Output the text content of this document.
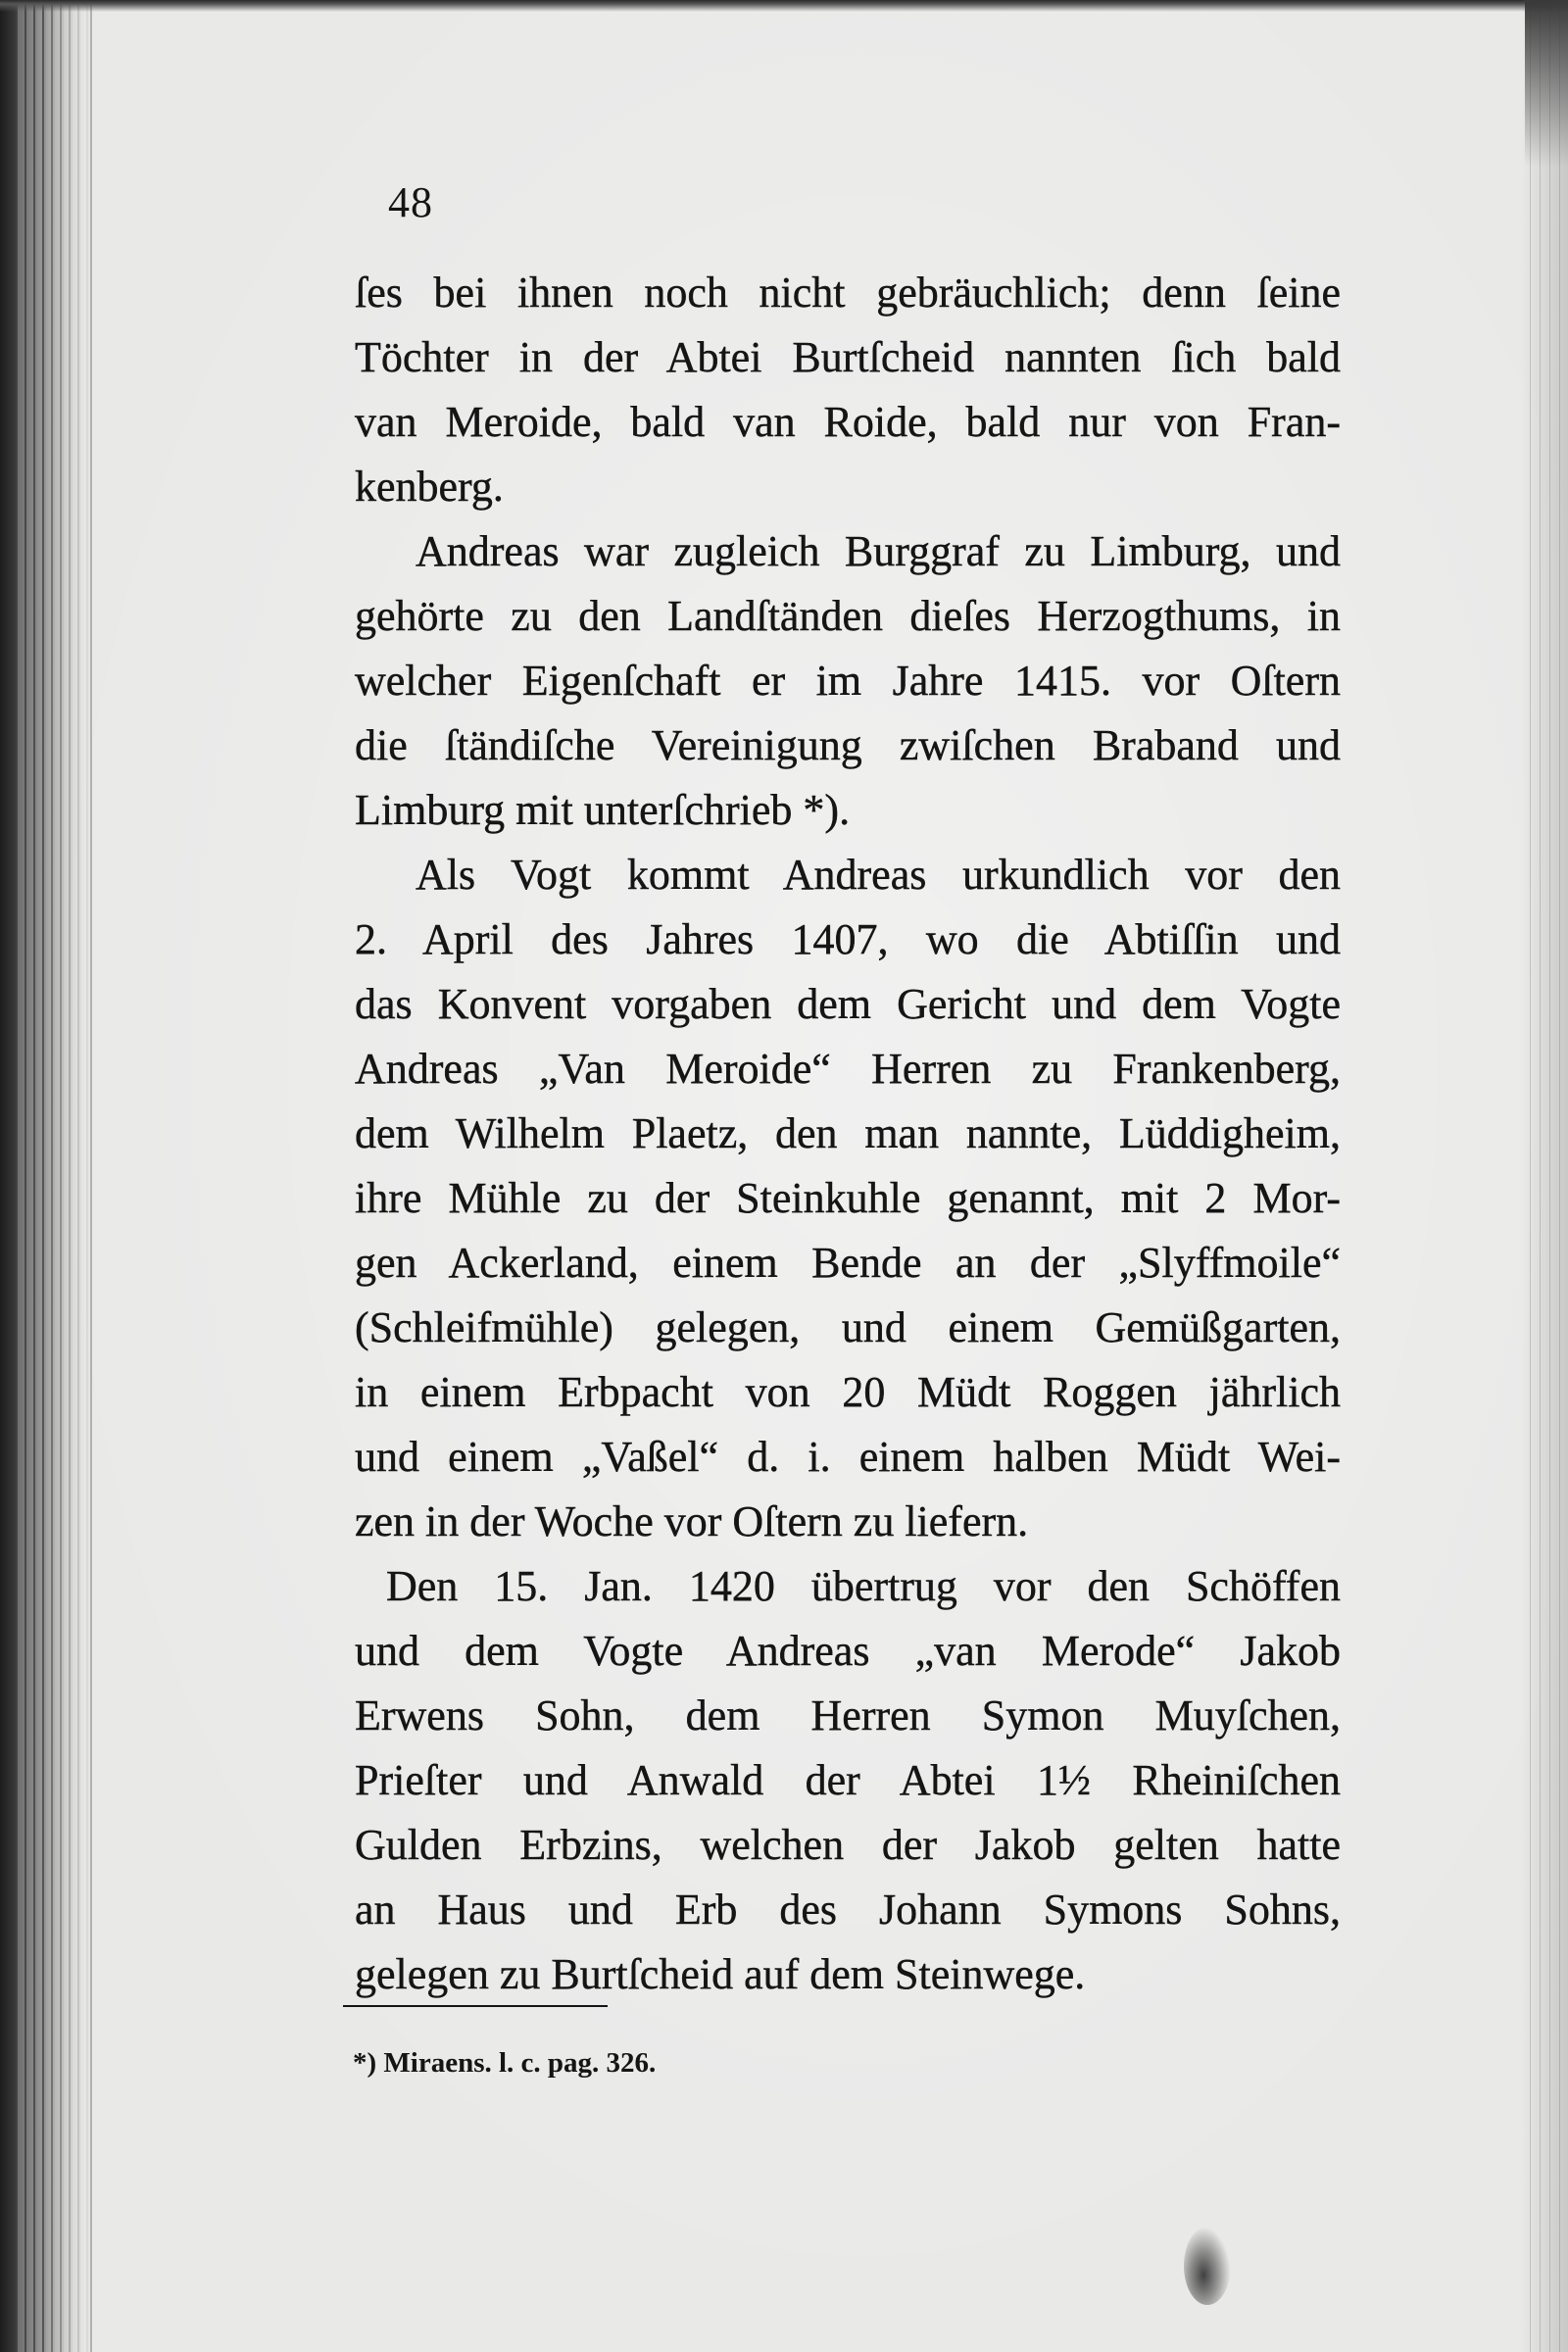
48
ſes bei ihnen noch nicht gebräuchlich; denn ſeine
Töchter in der Abtei Burtſcheid nannten ſich bald
van Meroide, bald van Roide, bald nur von Fran-
kenberg.
Andreas war zugleich Burggraf zu Limburg, und
gehörte zu den Landſtänden dieſes Herzogthums, in
welcher Eigenſchaft er im Jahre 1415. vor Oſtern
die ſtändiſche Vereinigung zwiſchen Braband und
Limburg mit unterſchrieb *).
Als Vogt kommt Andreas urkundlich vor den
2. April des Jahres 1407, wo die Abtiſſin und
das Konvent vorgaben dem Gericht und dem Vogte
Andreas „Van Meroide“ Herren zu Frankenberg,
dem Wilhelm Plaetz, den man nannte, Lüddigheim,
ihre Mühle zu der Steinkuhle genannt, mit 2 Mor-
gen Ackerland, einem Bende an der „Slyffmoile“
(Schleifmühle) gelegen, und einem Gemüßgarten,
in einem Erbpacht von 20 Müdt Roggen jährlich
und einem „Vaßel“ d. i. einem halben Müdt Wei-
zen in der Woche vor Oſtern zu liefern.
Den 15. Jan. 1420 übertrug vor den Schöffen
und dem Vogte Andreas „van Merode“ Jakob
Erwens Sohn, dem Herren Symon Muyſchen,
Prieſter und Anwald der Abtei 1½ Rheiniſchen
Gulden Erbzins, welchen der Jakob gelten hatte
an Haus und Erb des Johann Symons Sohns,
gelegen zu Burtſcheid auf dem Steinwege.
*) Miraens. l. c. pag. 326.
